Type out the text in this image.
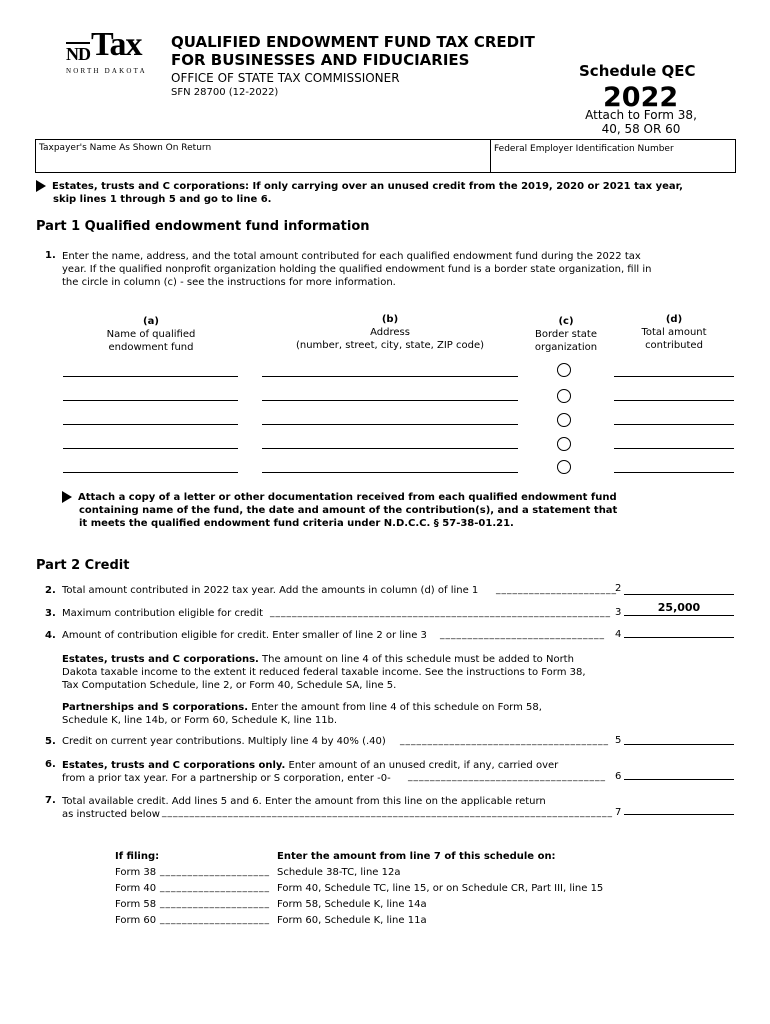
ND Tax
NORTH DAKOTA
QUALIFIED ENDOWMENT FUND TAX CREDIT
FOR BUSINESSES AND FIDUCIARIES
OFFICE OF STATE TAX COMMISSIONER
SFN 28700 (12-2022)
Schedule QEC
2022
Attach to Form 38,
40, 58 OR 60
Taxpayer's Name As Shown On Return	Federal Employer Identification Number
Estates, trusts and C corporations: If only carrying over an unused credit from the 2019, 2020 or 2021 tax year,
skip lines 1 through 5 and go to line 6.
Part 1 Qualified endowment fund information
1. Enter the name, address, and the total amount contributed for each qualified endowment fund during the 2022 tax
year. If the qualified nonprofit organization holding the qualified endowment fund is a border state organization, fill in
the circle in column (c) - see the instructions for more information.
(a)
Name of qualified
endowment fund
(b)
Address
(number, street, city, state, ZIP code)
(c)
Border state
organization
(d)
Total amount
contributed
Attach a copy of a letter or other documentation received from each qualified endowment fund
containing name of the fund, the date and amount of the contribution(s), and a statement that
it meets the qualified endowment fund criteria under N.D.C.C. § 57-38-01.21.
Part 2 Credit
2. Total amount contributed in 2022 tax year. Add the amounts in column (d) of line 1 ______________________
2
3. Maximum contribution eligible for credit ______________________________________________________________ 3	25,000
4. Amount of contribution eligible for credit. Enter smaller of line 2 or line 3 ______________________________ 4
Estates, trusts and C corporations. The amount on line 4 of this schedule must be added to North
Dakota taxable income to the extent it reduced federal taxable income. See the instructions to Form 38,
Tax Computation Schedule, line 2, or Form 40, Schedule SA, line 5.
Partnerships and S corporations. Enter the amount from line 4 of this schedule on Form 58,
Schedule K, line 14b, or Form 60, Schedule K, line 11b.
5. Credit on current year contributions. Multiply line 4 by 40% (.40) ______________________________________ 5
6. Estates, trusts and C corporations only. Enter amount of an unused credit, if any, carried over
from a prior tax year. For a partnership or S corporation, enter -0-	____________________________________ 6
7. Total available credit. Add lines 5 and 6. Enter the amount from this line on the applicable return
as instructed below __________________________________________________________________________________ 7
If filing:	Enter the amount from line 7 of this schedule on:
Form 38 ____________________ Schedule 38-TC, line 12a
Form 40 ____________________ Form 40, Schedule TC, line 15, or on Schedule CR, Part III, line 15
Form 58 ____________________ Form 58, Schedule K, line 14a
Form 60 ____________________ Form 60, Schedule K, line 11a
